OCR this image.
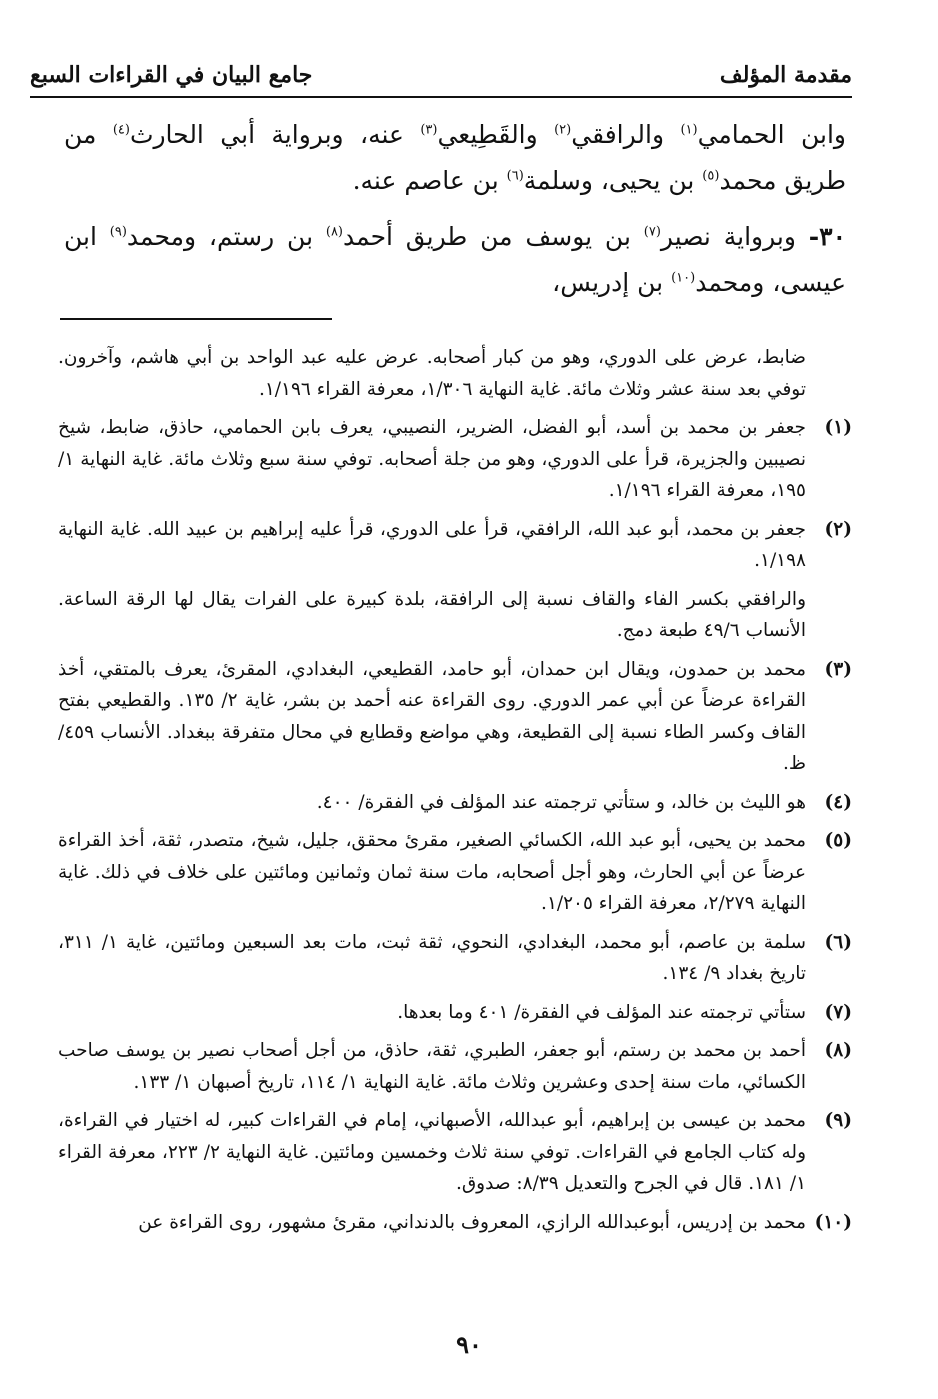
مقدمة المؤلف
جامع البيان في القراءات السبع

وابن الحمامي$^{(١)}$ والرافقي$^{(٢)}$ والقَطِيعي$^{(٣)}$ عنه، وبرواية أبي الحارث$^{(٤)}$ من طريق محمد$^{(٥)}$ بن يحيى، وسلمة$^{(٦)}$ بن عاصم عنه.

٣٠- وبرواية نصير$^{(٧)}$ بن يوسف من طريق أحمد$^{(٨)}$ بن رستم، ومحمد$^{(٩)}$ ابن عيسى، ومحمد$^{(١٠)}$ بن إدريس،

ضابط، عرض على الدوري، وهو من كبار أصحابه. عرض عليه عبد الواحد بن أبي هاشم، وآخرون. توفي بعد سنة عشر وثلاث مائة. غاية النهاية ١/٣٠٦، معرفة القراء ١/١٩٦.
(١)
جعفر بن محمد بن أسد، أبو الفضل، الضرير، النصيبي، يعرف بابن الحمامي، حاذق، ضابط، شيخ نصيبين والجزيرة، قرأ على الدوري، وهو من جلة أصحابه. توفي سنة سبع وثلاث مائة. غاية النهاية ١/ ١٩٥، معرفة القراء ١/١٩٦.
(٢)
جعفر بن محمد، أبو عبد الله، الرافقي، قرأ على الدوري، قرأ عليه إبراهيم بن عبيد الله. غاية النهاية ١/١٩٨.
والرافقي بكسر الفاء والقاف نسبة إلى الرافقة، بلدة كبيرة على الفرات يقال لها الرقة الساعة. الأنساب ٤٩/٦ طبعة دمج.
(٣)
محمد بن حمدون، ويقال ابن حمدان، أبو حامد، القطيعي، البغدادي، المقرئ، يعرف بالمتقي، أخذ القراءة عرضاً عن أبي عمر الدوري. روى القراءة عنه أحمد بن بشر، غاية ٢/ ١٣٥. والقطيعي بفتح القاف وكسر الطاء نسبة إلى القطيعة، وهي مواضع وقطايع في محال متفرقة ببغداد. الأنساب ٤٥٩/ظ.
(٤)
هو الليث بن خالد، و ستأتي ترجمته عند المؤلف في الفقرة/ ٤٠٠.
(٥)
محمد بن يحيى، أبو عبد الله، الكسائي الصغير، مقرئ محقق، جليل، شيخ، متصدر، ثقة، أخذ القراءة عرضاً عن أبي الحارث، وهو أجل أصحابه، مات سنة ثمان وثمانين ومائتين على خلاف في ذلك. غاية النهاية ٢/٢٧٩، معرفة القراء ١/٢٠٥.
(٦)
سلمة بن عاصم، أبو محمد، البغدادي، النحوي، ثقة ثبت، مات بعد السبعين ومائتين، غاية ١/ ٣١١، تاريخ بغداد ٩/ ١٣٤.
(٧)
ستأتي ترجمته عند المؤلف في الفقرة/ ٤٠١ وما بعدها.
(٨)
أحمد بن محمد بن رستم، أبو جعفر، الطبري، ثقة، حاذق، من أجل أصحاب نصير بن يوسف صاحب الكسائي، مات سنة إحدى وعشرين وثلاث مائة. غاية النهاية ١/ ١١٤، تاريخ أصبهان ١/ ١٣٣.
(٩)
محمد بن عيسى بن إبراهيم، أبو عبدالله، الأصبهاني، إمام في القراءات كبير، له اختيار في القراءة، وله كتاب الجامع في القراءات. توفي سنة ثلاث وخمسين ومائتين. غاية النهاية ٢/ ٢٢٣، معرفة القراء ١/ ١٨١. قال في الجرح والتعديل ٨/٣٩: صدوق.
(١٠)
محمد بن إدريس، أبوعبدالله الرازي، المعروف بالدنداني، مقرئ مشهور، روى القراءة عن
٩٠
